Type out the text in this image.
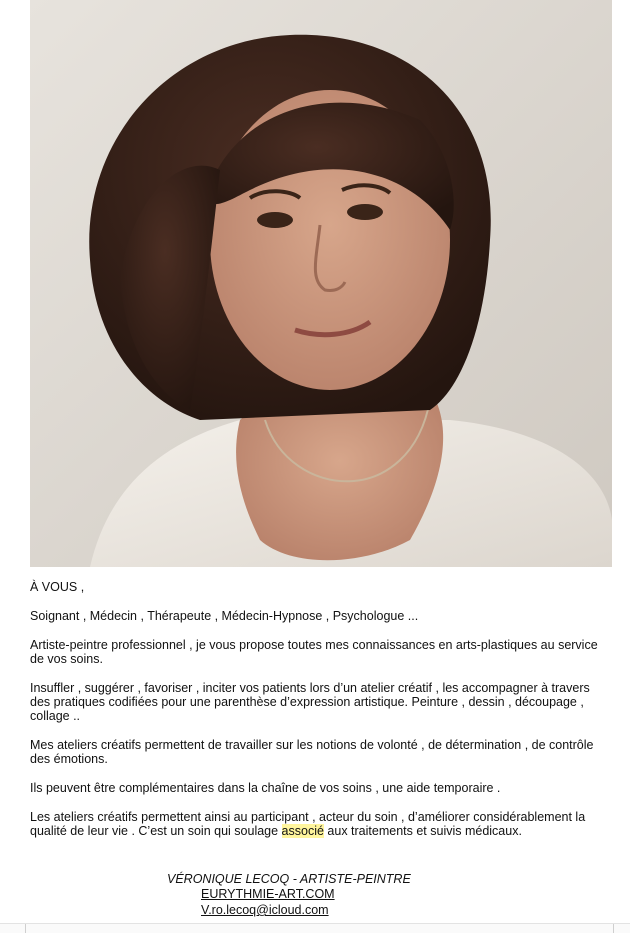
À VOUS ,

Soignant , Médecin , Thérapeute , Médecin-Hypnose , Psychologue ...

Artiste-peintre professionnel , je vous propose toutes mes connaissances en arts-plastiques au service de vos soins.

Insuffler , suggérer , favoriser , inciter vos patients lors d’un atelier créatif , les accompagner à travers des pratiques codifiées pour une parenthèse d’expression artistique. Peinture , dessin , découpage , collage ..

Mes ateliers créatifs permettent de travailler sur les notions de volonté , de détermination , de contrôle des émotions.

Ils peuvent être complémentaires dans la chaîne de vos soins , une aide temporaire .

Les ateliers créatifs permettent ainsi au participant , acteur du soin , d’améliorer considérablement la qualité de leur vie . C’est un soin qui soulage associé aux traitements et suivis médicaux.

VÉRONIQUE LECOQ - ARTISTE-PEINTRE
EURYTHMIE-ART.COM
V.ro.lecoq@icloud.com
